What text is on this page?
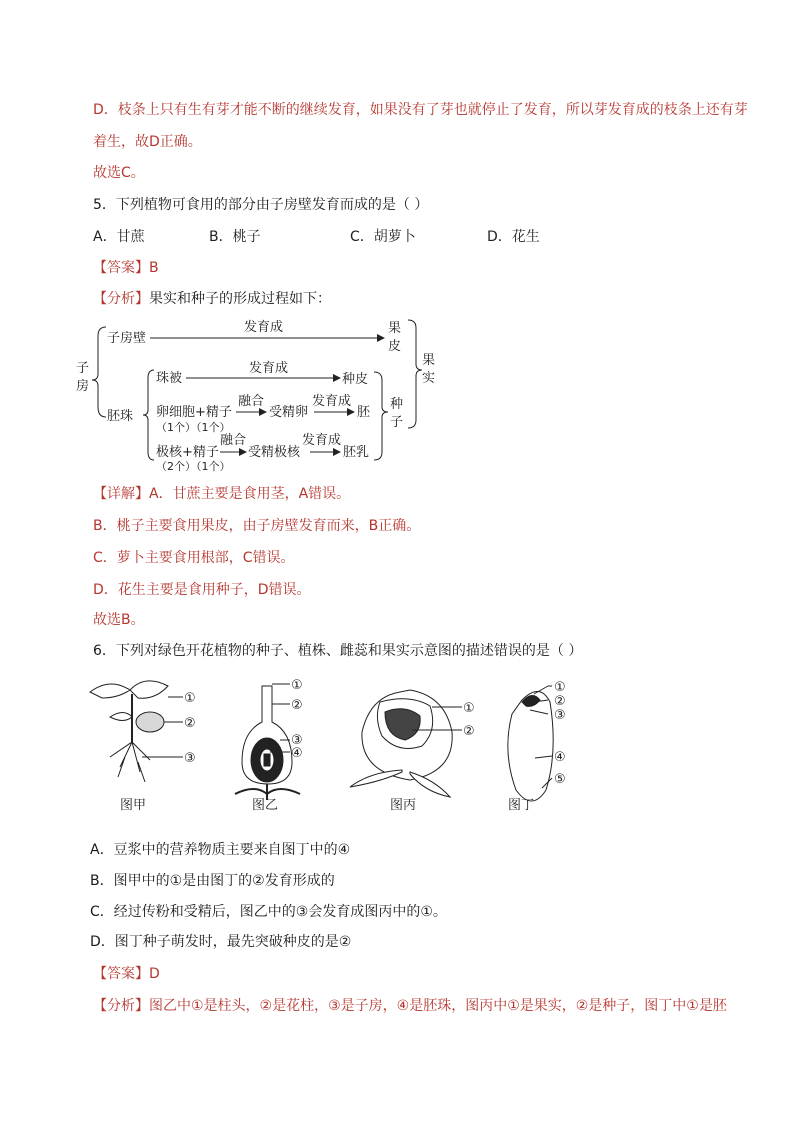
D．枝条上只有生有芽才能不断的继续发育，如果没有了芽也就停止了发育，所以芽发育成的枝条上还有芽
着生，故D正确。
故选C。
5．下列植物可食用的部分由子房壁发育而成的是（ ）
A．甘蔗	B．桃子	C．胡萝卜	D．花生
【答案】B
【分析】果实和种子的形成过程如下：
子
房
子房壁
发育成	果
皮
胚珠
珠被
发育成
种皮
卵细胞+精子
（1个）（1个）
融合
受精卵
发育成
胚
极核+精子
（2个）（1个）
融合
受精极核
发育成
胚乳
种
子
果
实
【详解】A．甘蔗主要是食用茎，A错误。
B．桃子主要食用果皮，由子房壁发育而来，B正确。
C．萝卜主要食用根部，C错误。
D．花生主要是食用种子，D错误。
故选B。
6．下列对绿色开花植物的种子、植株、雌蕊和果实示意图的描述错误的是（ ）
①
②
③
①
②
③
④
①
②
①
②
③
④
⑤
图甲	图乙	图丙	图丁
A．豆浆中的营养物质主要来自图丁中的④
B．图甲中的①是由图丁的②发育形成的
C．经过传粉和受精后，图乙中的③会发育成图丙中的①。
D．图丁种子萌发时，最先突破种皮的是②
【答案】D
【分析】图乙中①是柱头，②是花柱，③是子房，④是胚珠，图丙中①是果实，②是种子，图丁中①是胚
